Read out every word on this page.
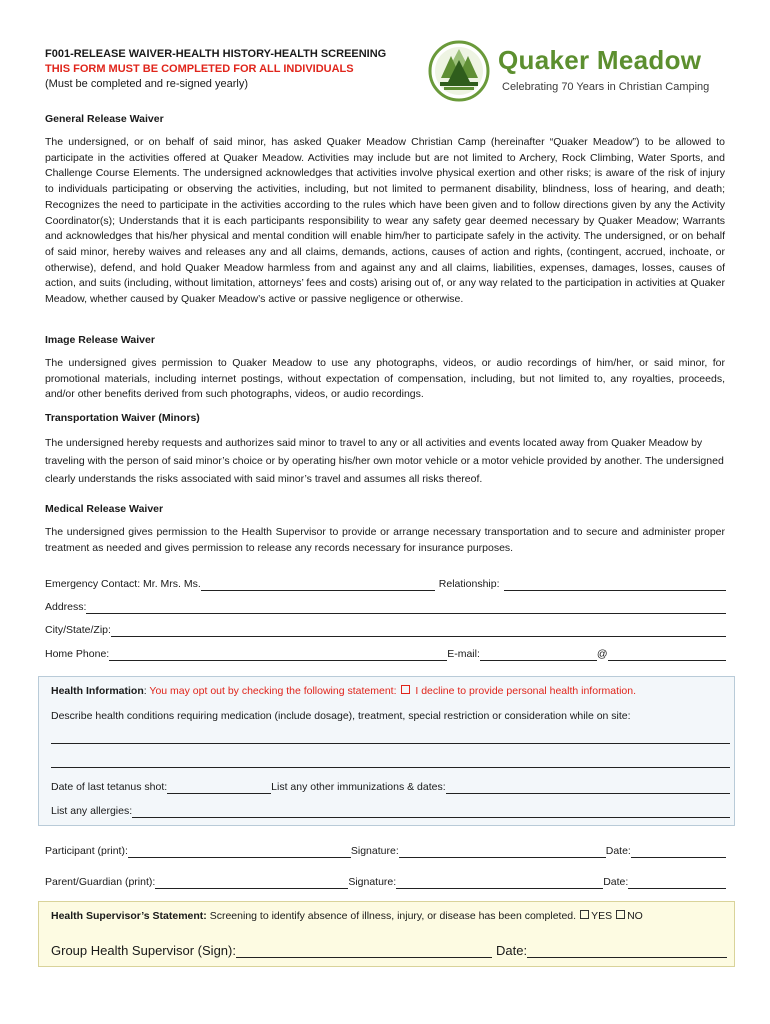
F001-RELEASE WAIVER-HEALTH HISTORY-HEALTH SCREENING
THIS FORM MUST BE COMPLETED FOR ALL INDIVIDUALS
(Must be completed and re-signed yearly)
Quaker Meadow
Celebrating 70 Years in Christian Camping
General Release Waiver
The undersigned, or on behalf of said minor, has asked Quaker Meadow Christian Camp (hereinafter “Quaker Meadow”) to be allowed to participate in the activities offered at Quaker Meadow. Activities may include but are not limited to Archery, Rock Climbing, Water Sports, and Challenge Course Elements. The undersigned acknowledges that activities involve physical exertion and other risks; is aware of the risk of injury to individuals participating or observing the activities, including, but not limited to permanent disability, blindness, loss of hearing, and death; Recognizes the need to participate in the activities according to the rules which have been given and to follow directions given by any the Activity Coordinator(s); Understands that it is each participants responsibility to wear any safety gear deemed necessary by Quaker Meadow; Warrants and acknowledges that his/her physical and mental condition will enable him/her to participate safely in the activity. The undersigned, or on behalf of said minor, hereby waives and releases any and all claims, demands, actions, causes of action and rights, (contingent, accrued, inchoate, or otherwise), defend, and hold Quaker Meadow harmless from and against any and all claims, liabilities, expenses, damages, losses, causes of action, and suits (including, without limitation, attorneys’ fees and costs) arising out of, or any way related to the participation in activities at Quaker Meadow, whether caused by Quaker Meadow’s active or passive negligence or otherwise.
Image Release Waiver
The undersigned gives permission to Quaker Meadow to use any photographs, videos, or audio recordings of him/her, or said minor, for promotional materials, including internet postings, without expectation of compensation, including, but not limited to, any royalties, proceeds, and/or other benefits derived from such photographs, videos, or audio recordings.
Transportation Waiver (Minors)
The undersigned hereby requests and authorizes said minor to travel to any or all activities and events located away from Quaker Meadow by traveling with the person of said minor’s choice or by operating his/her own motor vehicle or a motor vehicle provided by another. The undersigned clearly understands the risks associated with said minor’s travel and assumes all risks thereof.
Medical Release Waiver
The undersigned gives permission to the Health Supervisor to provide or arrange necessary transportation and to secure and administer proper treatment as needed and gives permission to release any records necessary for insurance purposes.
Emergency Contact: Mr. Mrs. Ms.	Relationship:
Address:
City/State/Zip:
Home Phone:	E-mail:	@
Health Information: You may opt out by checking the following statement:  I decline to provide personal health information.
Describe health conditions requiring medication (include dosage), treatment, special restriction or consideration while on site:
Date of last tetanus shot:	List any other immunizations & dates:
List any allergies:
Participant (print):	Signature:	Date:
Parent/Guardian (print):	Signature:	Date:
Health Supervisor’s Statement: Screening to identify absence of illness, injury, or disease has been completed. YES NO
Group Health Supervisor (Sign):	Date:
